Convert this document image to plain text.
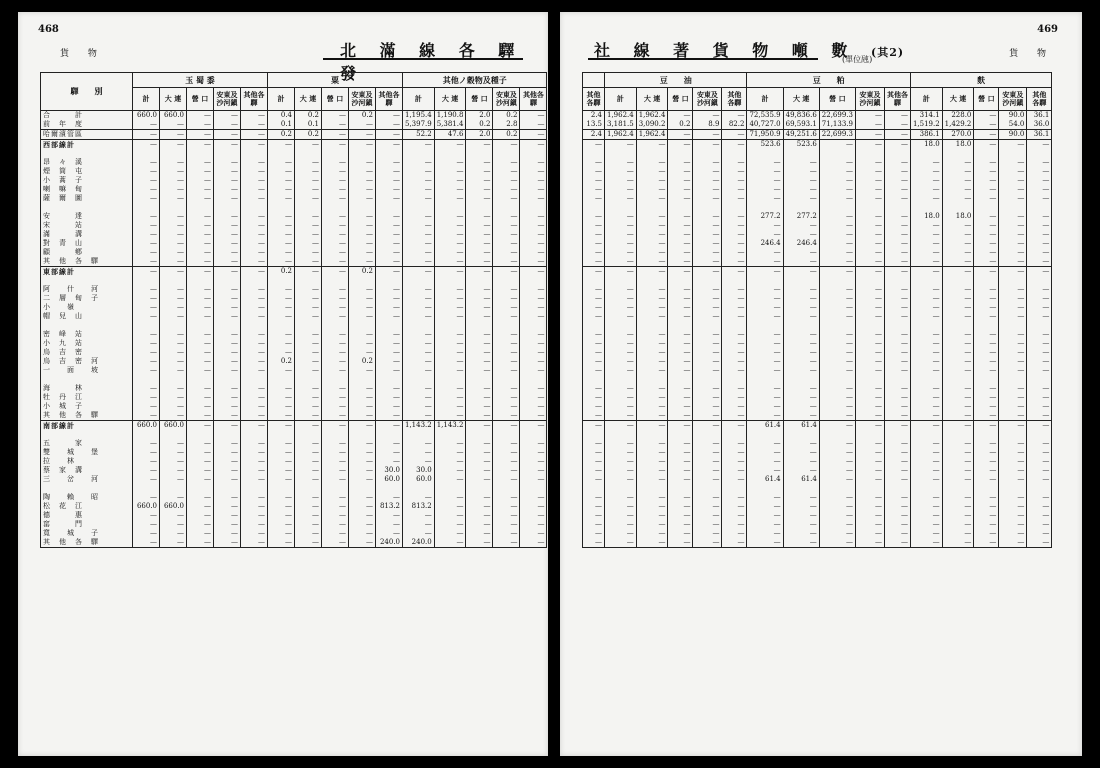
468
貨 物	北 滿 線 各 驛 發
驛　　別	玉 蜀 黍	粟	其他ノ穀物及種子
計	大 連	營 口	安東及沙河鎭	其他各驛	計	大 連	營 口	安東及沙河鎭	其他各驛	計	大 連	營 口	安東及沙河鎭	其他各驛
合　　　計	660.0	660.0	—	—	—	0.4	0.2	—	0.2	—	1,195.4	1,190.8	2.0	0.2	—
前　年　度	—	—	—	—	—	0.1	0.1	—	—	—	5,397.9	5,381.4	0.2	2.8	—
哈爾濱管區	—	—	—	—	—	0.2	0.2	—	—	—	52.2	47.6	2.0	0.2	—
西部線計	—	—	—	—	—	—	—	—	—	—	—	—	—	—	—

昂　々　溪	—	—	—	—	—	—	—	—	—	—	—	—	—	—	—
煙　筒　屯	—	—	—	—	—	—	—	—	—	—	—	—	—	—	—
小　蒿　子	—	—	—	—	—	—	—	—	—	—	—	—	—	—	—
喇　嘛　甸	—	—	—	—	—	—	—	—	—	—	—	—	—	—	—
薩　爾　圖	—	—	—	—	—	—	—	—	—	—	—	—	—	—	—

安　　　達	—	—	—	—	—	—	—	—	—	—	—	—	—	—	—
宋　　　站	—	—	—	—	—	—	—	—	—	—	—	—	—	—	—
滿　　　溝	—	—	—	—	—	—	—	—	—	—	—	—	—	—	—
對　青　山	—	—	—	—	—	—	—	—	—	—	—	—	—	—	—
顧　　　鄕	—	—	—	—	—	—	—	—	—	—	—	—	—	—	—
其　他　各　驛	—	—	—	—	—	—	—	—	—	—	—	—	—	—	—
東部線計	—	—	—	—	—	0.2	—	—	0.2	—	—	—	—	—	—

阿　　什　　河	—	—	—	—	—	—	—	—	—	—	—	—	—	—	—
二　層　甸　子	—	—	—	—	—	—	—	—	—	—	—	—	—	—	—
小　　嶺	—	—	—	—	—	—	—	—	—	—	—	—	—	—	—
帽　兒　山	—	—	—	—	—	—	—	—	—	—	—	—	—	—	—

密　峰　站	—	—	—	—	—	—	—	—	—	—	—	—	—	—	—
小　九　站	—	—	—	—	—	—	—	—	—	—	—	—	—	—	—
烏　吉　密	—	—	—	—	—	—	—	—	—	—	—	—	—	—	—
烏　吉　密　河	—	—	—	—	—	0.2	—	—	0.2	—	—	—	—	—	—
一　　面　　坡	—	—	—	—	—	—	—	—	—	—	—	—	—	—	—

海　　　林	—	—	—	—	—	—	—	—	—	—	—	—	—	—	—
牡　丹　江	—	—	—	—	—	—	—	—	—	—	—	—	—	—	—
小　城　子	—	—	—	—	—	—	—	—	—	—	—	—	—	—	—
其　他　各　驛	—	—	—	—	—	—	—	—	—	—	—	—	—	—	—
南部線計	660.0	660.0	—	—	—	—	—	—	—	—	1,143.2	1,143.2	—	—	—

五　　　家	—	—	—	—	—	—	—	—	—	—	—	—	—	—	—
雙　　城　　堡	—	—	—	—	—	—	—	—	—	—	—	—	—	—	—
拉　　林	—	—	—	—	—	—	—	—	—	—	—	—	—	—	—
蔡　家　溝	—	—	—	—	—	—	—	—	—	30.0	30.0	—	—	—	—
三　　岔　　河	—	—	—	—	—	—	—	—	—	60.0	60.0	—	—	—	—

陶　　賴　　昭	—	—	—	—	—	—	—	—	—	—	—	—	—	—	—
松　花　江	660.0	660.0	—	—	—	—	—	—	—	813.2	813.2	—	—	—	—
德　　　惠	—	—	—	—	—	—	—	—	—	—	—	—	—	—	—
窰　　　門	—	—	—	—	—	—	—	—	—	—	—	—	—	—	—
寬　　城　　子	—	—	—	—	—	—	—	—	—	—	—	—	—	—	—
其　他　各　驛	—	—	—	—	—	—	—	—	—	240.0	240.0	—	—	—	—
469
貨 物
社 線 著 貨 物 噸 數 (其2)
(單位瓲)
	豆　　油	豆　　粕	麩
其他各驛	計	大 連	營 口	安東及沙河鎭	其他各驛	計	大 連	營 口	安東及沙河鎭	其他各驛	計	大 連	營 口	安東及沙河鎭	其他各驛
2.4	1,962.4	1,962.4	—	—	—	72,535.9	49,836.6	22,699.3	—	—	314.1	228.0	—	90.0	36.1
13.5	3,181.5	3,090.2	0.2	8.9	82.2	40,727.0	69,593.1	71,133.9	—	—	1,519.2	1,429.2	—	54.0	36.0
2.4	1,962.4	1,962.4	—	—	—	71,950.9	49,251.6	22,699.3	—	—	386.1	270.0	—	90.0	36.1
—	—	—	—	—	—	523.6	523.6	—	—	—	18.0	18.0	—	—	—

—	—	—	—	—	—	—	—	—	—	—	—	—	—	—	—
—	—	—	—	—	—	—	—	—	—	—	—	—	—	—	—
—	—	—	—	—	—	—	—	—	—	—	—	—	—	—	—
—	—	—	—	—	—	—	—	—	—	—	—	—	—	—	—
—	—	—	—	—	—	—	—	—	—	—	—	—	—	—	—

—	—	—	—	—	—	277.2	277.2	—	—	—	18.0	18.0	—	—	—
—	—	—	—	—	—	—	—	—	—	—	—	—	—	—	—
—	—	—	—	—	—	—	—	—	—	—	—	—	—	—	—
—	—	—	—	—	—	246.4	246.4	—	—	—	—	—	—	—	—
—	—	—	—	—	—	—	—	—	—	—	—	—	—	—	—
—	—	—	—	—	—	—	—	—	—	—	—	—	—	—	—
—	—	—	—	—	—	—	—	—	—	—	—	—	—	—	—

—	—	—	—	—	—	—	—	—	—	—	—	—	—	—	—
—	—	—	—	—	—	—	—	—	—	—	—	—	—	—	—
—	—	—	—	—	—	—	—	—	—	—	—	—	—	—	—
—	—	—	—	—	—	—	—	—	—	—	—	—	—	—	—

—	—	—	—	—	—	—	—	—	—	—	—	—	—	—	—
—	—	—	—	—	—	—	—	—	—	—	—	—	—	—	—
—	—	—	—	—	—	—	—	—	—	—	—	—	—	—	—
—	—	—	—	—	—	—	—	—	—	—	—	—	—	—	—
—	—	—	—	—	—	—	—	—	—	—	—	—	—	—	—

—	—	—	—	—	—	—	—	—	—	—	—	—	—	—	—
—	—	—	—	—	—	—	—	—	—	—	—	—	—	—	—
—	—	—	—	—	—	—	—	—	—	—	—	—	—	—	—
—	—	—	—	—	—	—	—	—	—	—	—	—	—	—	—
—	—	—	—	—	—	61.4	61.4	—	—	—	—	—	—	—	—

—	—	—	—	—	—	—	—	—	—	—	—	—	—	—	—
—	—	—	—	—	—	—	—	—	—	—	—	—	—	—	—
—	—	—	—	—	—	—	—	—	—	—	—	—	—	—	—
—	—	—	—	—	—	—	—	—	—	—	—	—	—	—	—
—	—	—	—	—	—	61.4	61.4	—	—	—	—	—	—	—	—

—	—	—	—	—	—	—	—	—	—	—	—	—	—	—	—
—	—	—	—	—	—	—	—	—	—	—	—	—	—	—	—
—	—	—	—	—	—	—	—	—	—	—	—	—	—	—	—
—	—	—	—	—	—	—	—	—	—	—	—	—	—	—	—
—	—	—	—	—	—	—	—	—	—	—	—	—	—	—	—
—	—	—	—	—	—	—	—	—	—	—	—	—	—	—	—
